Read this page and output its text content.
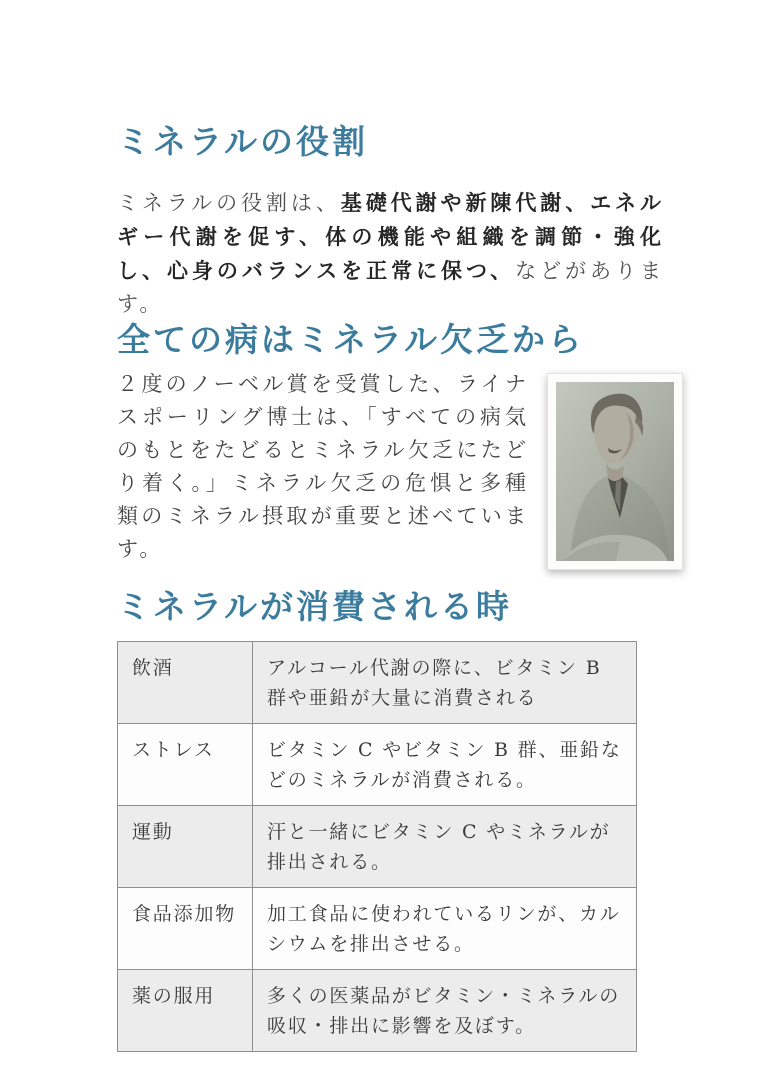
ミネラルの役割

ミネラルの役割は、基礎代謝や新陳代謝、エネルギー代謝を促す、体の機能や組織を調節・強化し、心身のバランスを正常に保つ、などがあります。

全ての病はミネラル欠乏から

２度のノーベル賞を受賞した、ライナスポーリング博士は、「すべての病気のもとをたどるとミネラル欠乏にたどり着く。」ミネラル欠乏の危惧と多種類のミネラル摂取が重要と述べています。

ミネラルが消費される時
飲酒	アルコール代謝の際に、ビタミン B 群や亜鉛が大量に消費される
ストレス	ビタミン C やビタミン B 群、亜鉛などのミネラルが消費される。
運動	汗と一緒にビタミン C やミネラルが排出される。
食品添加物	加工食品に使われているリンが、カルシウムを排出させる。
薬の服用	多くの医薬品がビタミン・ミネラルの吸収・排出に影響を及ぼす。
